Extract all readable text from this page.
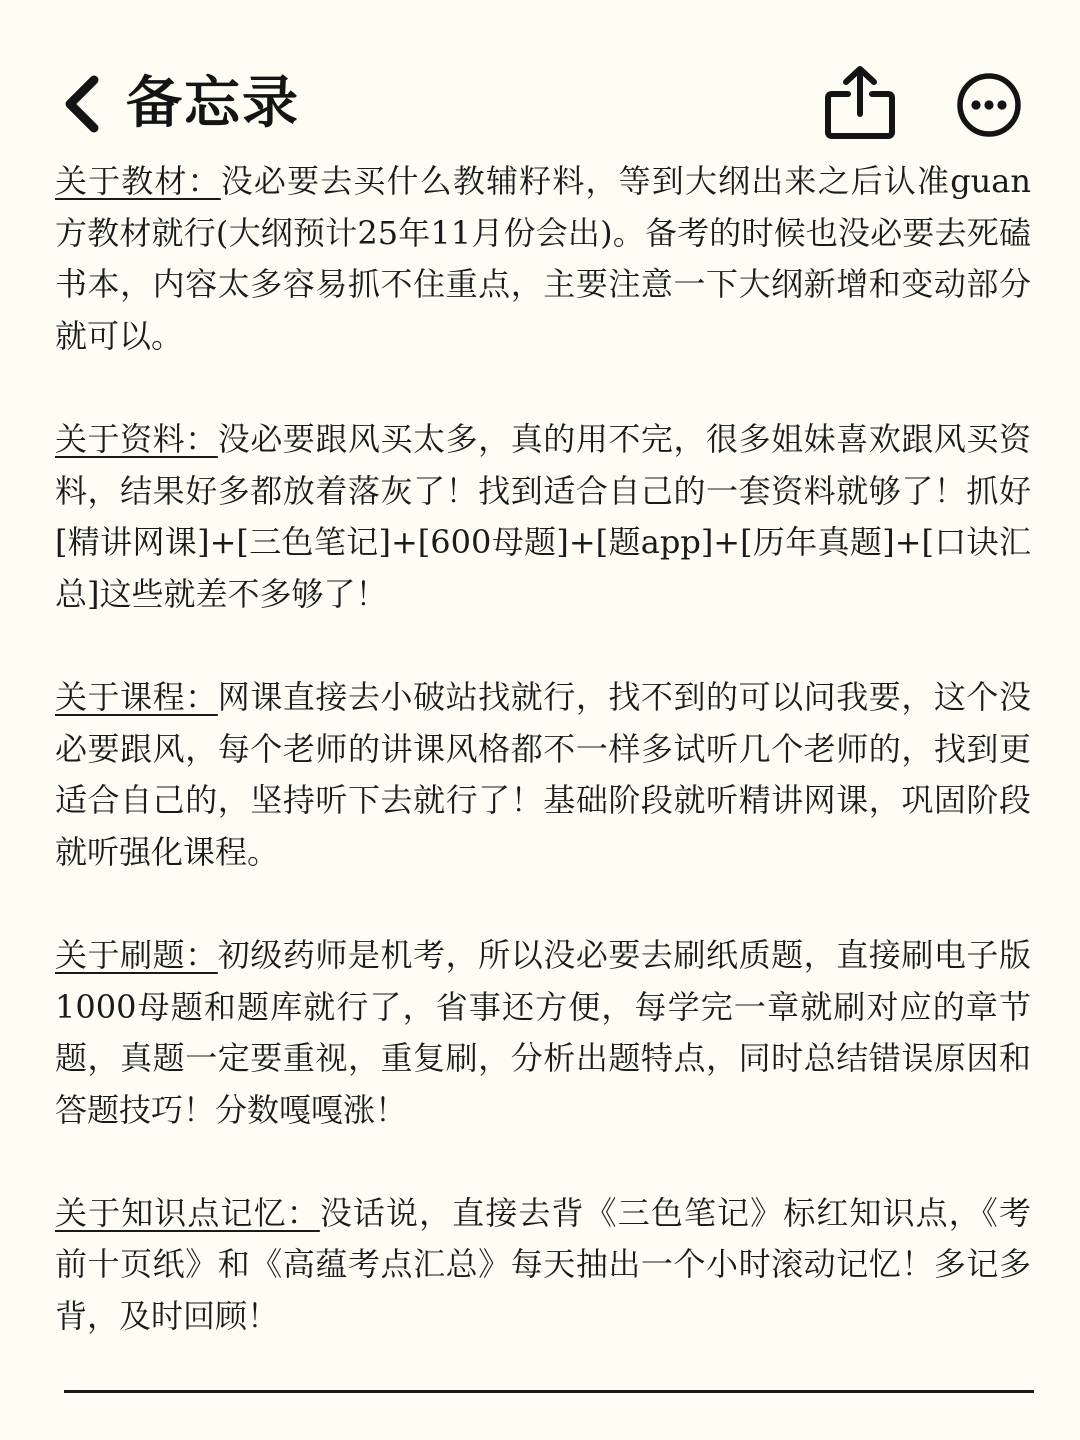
备忘录

关于教材：没必要去买什么教辅籽料，等到大纲出来之后认准guan方教材就行(大纲预计25年11月份会出)。备考的时候也没必要去死磕书本，内容太多容易抓不住重点，主要注意一下大纲新增和变动部分就可以。

关于资料：没必要跟风买太多，真的用不完，很多姐妹喜欢跟风买资料，结果好多都放着落灰了！找到适合自己的一套资料就够了！抓好[精讲网课]+[三色笔记]+[600母题]+[题app]+[历年真题]+[口诀汇总]这些就差不多够了！

关于课程：网课直接去小破站找就行，找不到的可以问我要，这个没必要跟风，每个老师的讲课风格都不一样多试听几个老师的，找到更适合自己的，坚持听下去就行了！基础阶段就听精讲网课，巩固阶段就听强化课程。

关于刷题：初级药师是机考，所以没必要去刷纸质题，直接刷电子版1000母题和题库就行了，省事还方便，每学完一章就刷对应的章节题，真题一定要重视，重复刷，分析出题特点，同时总结错误原因和答题技巧！分数嘎嘎涨！

关于知识点记忆：没话说，直接去背《三色笔记》标红知识点，《考前十页纸》和《高蕴考点汇总》每天抽出一个小时滚动记忆！多记多背，及时回顾！
